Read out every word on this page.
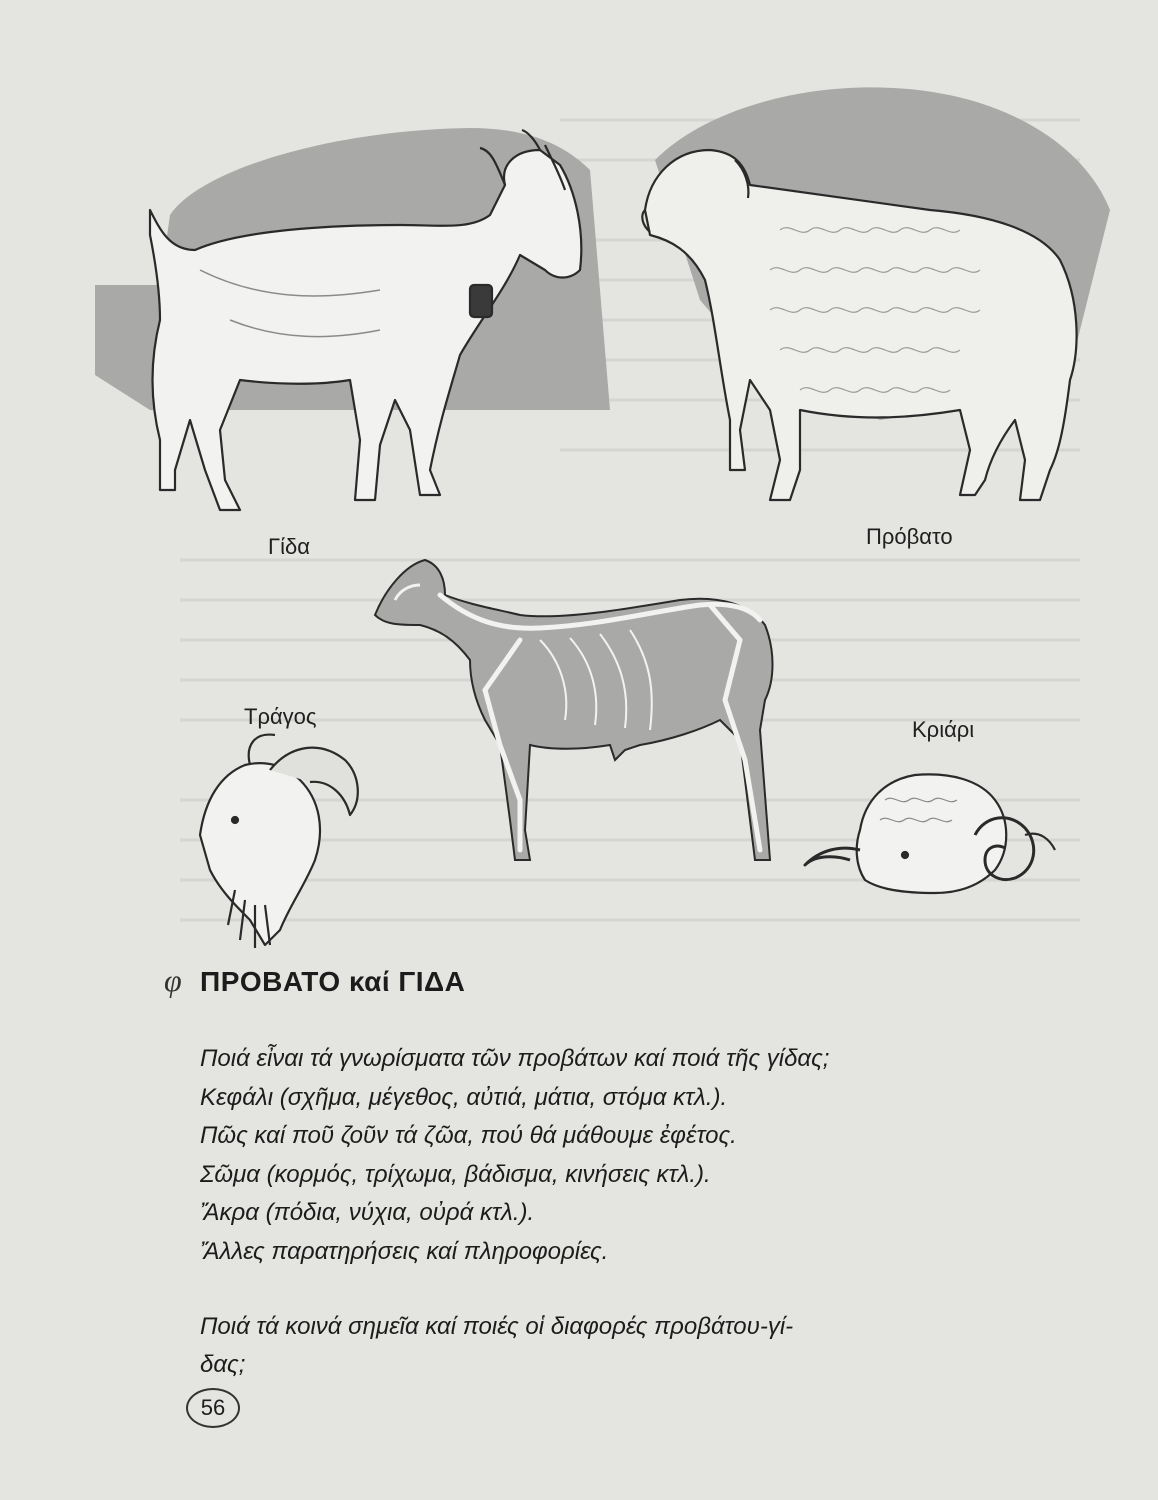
Γίδα	Πρόβατο
Τράγος
Κριάρι
φ ΠΡΟΒΑΤΟ καί ΓΙΔΑ
Ποιά εἶναι τά γνωρίσματα τῶν προβάτων καί ποιά τῆς γίδας;
Κεφάλι (σχῆμα, μέγεθος, αὐτιά, μάτια, στόμα κτλ.).
Πῶς καί ποῦ ζοῦν τά ζῶα, πού θά μάθουμε ἐφέτος.
Σῶμα (κορμός, τρίχωμα, βάδισμα, κινήσεις κτλ.).
Ἄκρα (πόδια, νύχια, οὐρά κτλ.).
Ἄλλες παρατηρήσεις καί πληροφορίες.
Ποιά τά κοινά σημεῖα καί ποιές οἱ διαφορές προβάτου-γί-
δας;
56
